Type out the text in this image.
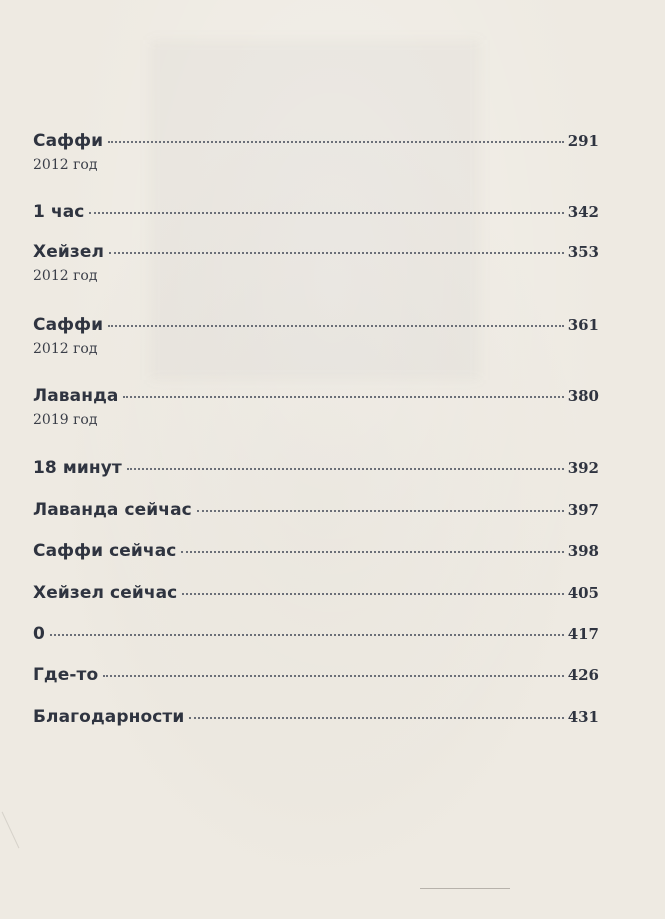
Саффи	291
2012 год
1 час	342
Хейзел	353
2012 год
Саффи	361
2012 год
Лаванда	380
2019 год
18 минут	392
Лаванда сейчас	397
Саффи сейчас	398
Хейзел сейчас	405
0	417
Где-то	426
Благодарности	431
